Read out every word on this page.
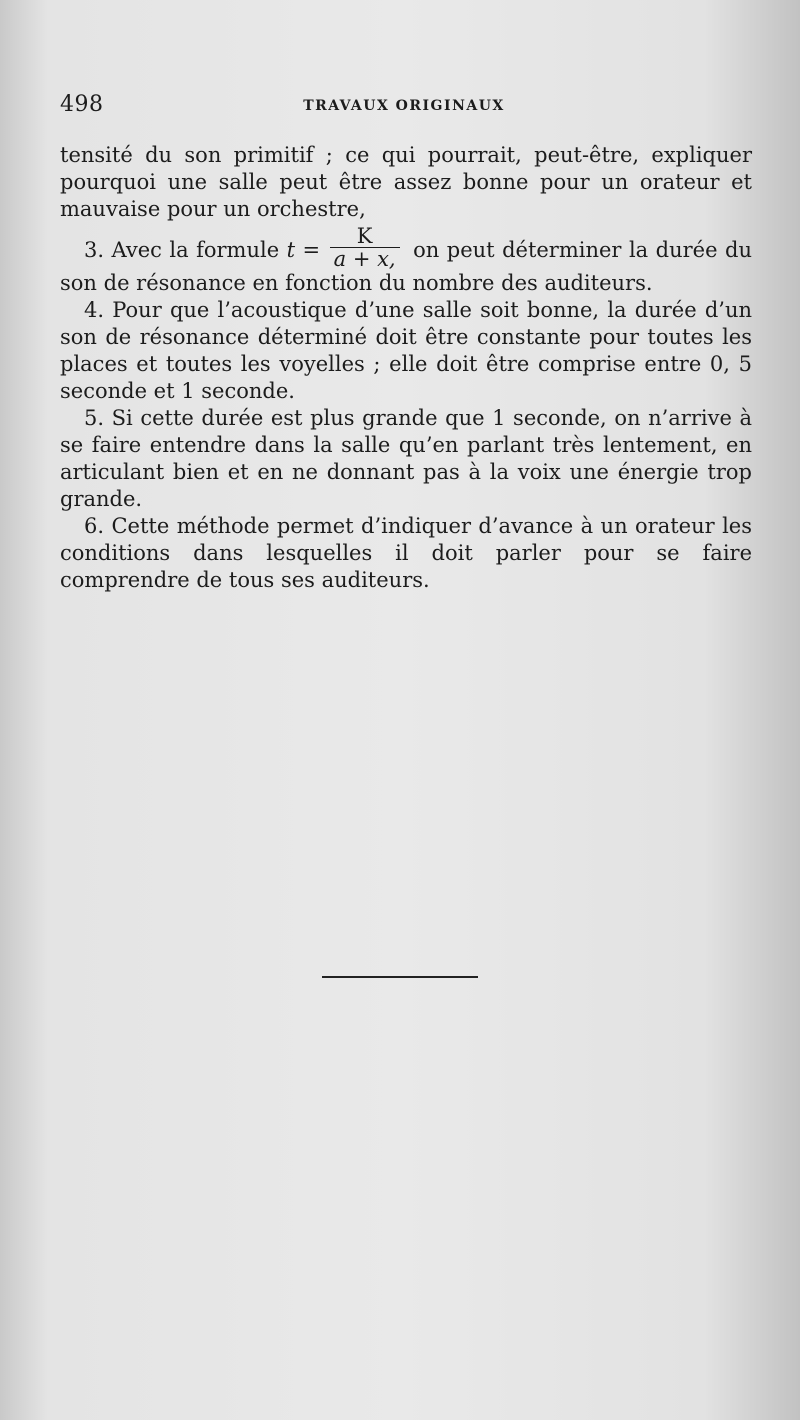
498	TRAVAUX ORIGINAUX

tensité du son primitif ; ce qui pourrait, peut-être, expliquer pourquoi une salle peut être assez bonne pour un orateur et mauvaise pour un orchestre,

3. Avec la formule $t = \frac{K}{a + x,}$ on peut déterminer la durée du son de résonance en fonction du nombre des auditeurs.

4. Pour que l’acoustique d’une salle soit bonne, la durée d’un son de résonance déterminé doit être constante pour toutes les places et toutes les voyelles ; elle doit être comprise entre 0, 5 seconde et 1 seconde.

5. Si cette durée est plus grande que 1 seconde, on n’arrive à se faire entendre dans la salle qu’en parlant très lentement, en articulant bien et en ne donnant pas à la voix une énergie trop grande.

6. Cette méthode permet d’indiquer d’avance à un orateur les conditions dans lesquelles il doit parler pour se faire comprendre de tous ses auditeurs.
